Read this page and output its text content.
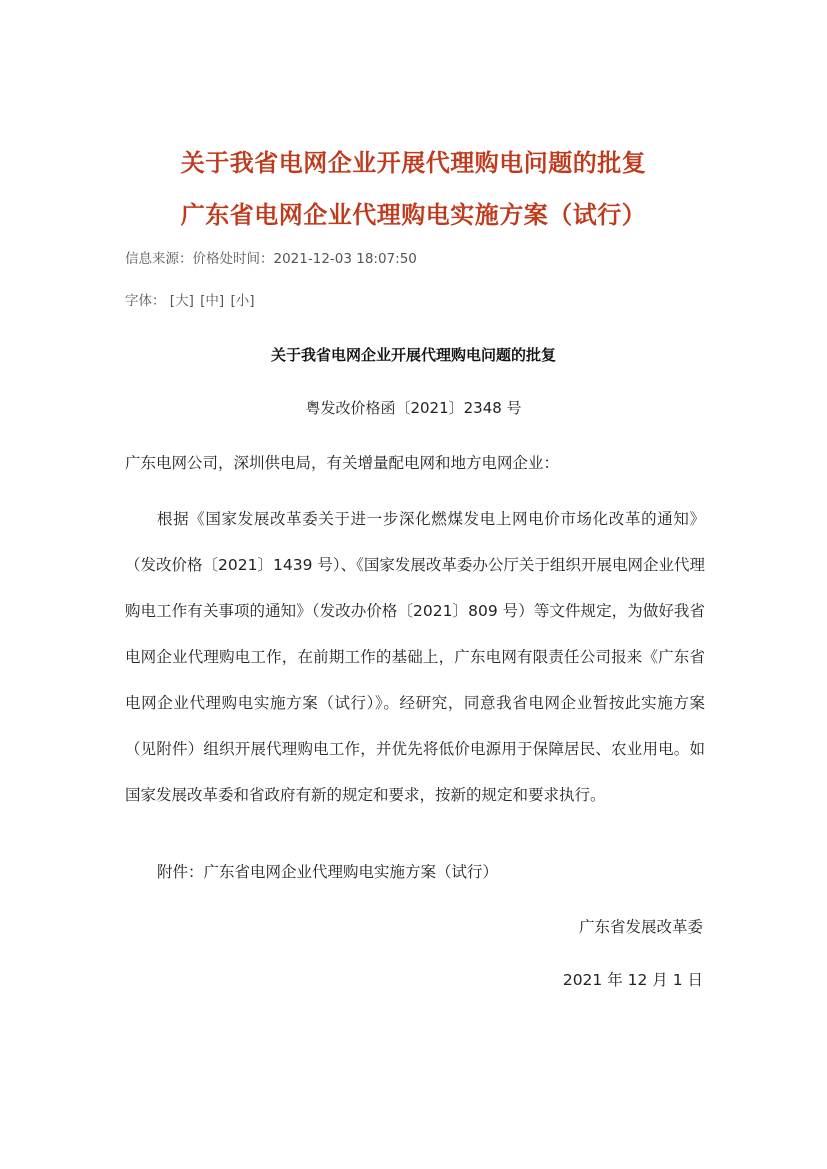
关于我省电网企业开展代理购电问题的批复
广东省电网企业代理购电实施方案（试行）
信息来源：价格处时间：2021-12-03 18:07:50
字体： [大] [中] [小]
关于我省电网企业开展代理购电问题的批复
粤发改价格函〔2021〕2348 号
广东电网公司，深圳供电局，有关增量配电网和地方电网企业：

根据《国家发展改革委关于进一步深化燃煤发电上网电价市场化改革的通知》（发改价格〔2021〕1439 号）、《国家发展改革委办公厅关于组织开展电网企业代理购电工作有关事项的通知》（发改办价格〔2021〕809 号）等文件规定，为做好我省电网企业代理购电工作，在前期工作的基础上，广东电网有限责任公司报来《广东省电网企业代理购电实施方案（试行）》。经研究，同意我省电网企业暂按此实施方案（见附件）组织开展代理购电工作，并优先将低价电源用于保障居民、农业用电。如国家发展改革委和省政府有新的规定和要求，按新的规定和要求执行。

附件：广东省电网企业代理购电实施方案（试行）
广东省发展改革委
2021 年 12 月 1 日
